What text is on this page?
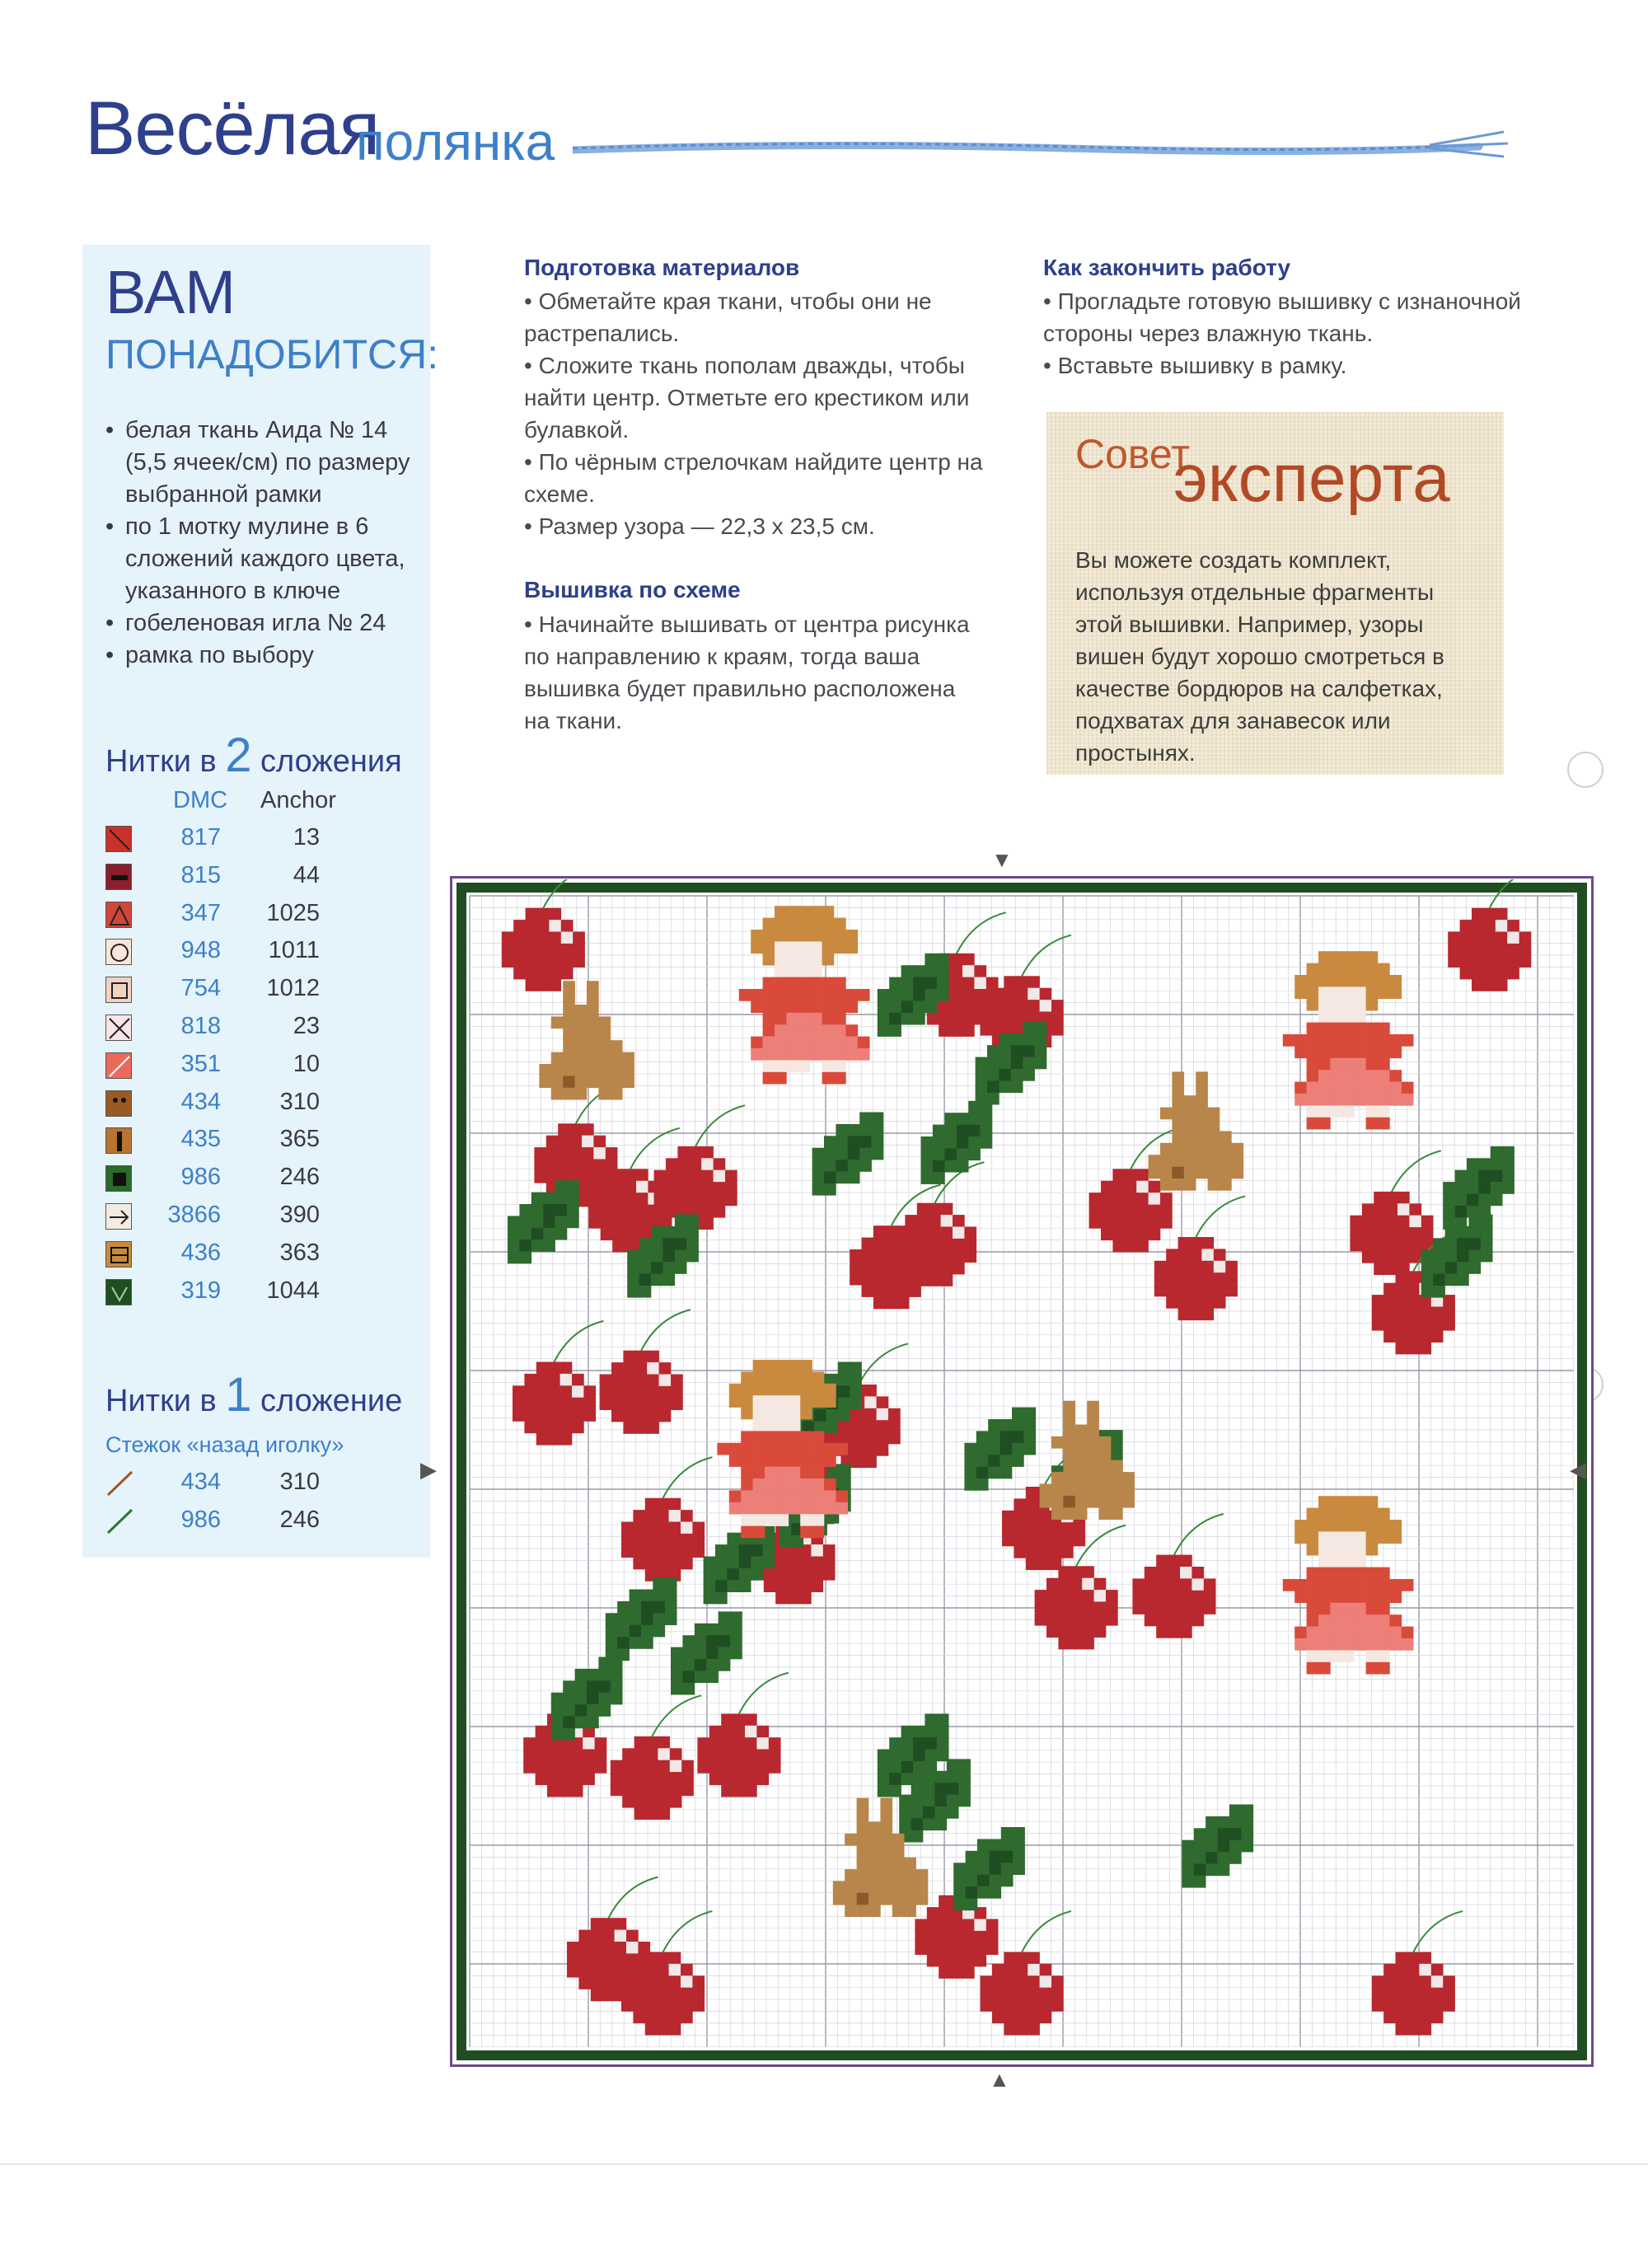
Весёлая
полянка
ВАМ
ПОНАДОБИТСЯ:
• белая ткань Аида № 14 (5,5 ячеек/см) по размеру выбранной рамки
• по 1 мотку мулине в 6 сложений каждого цвета, указанного в ключе
• гобеленовая игла № 24
• рамка по выбору
Нитки в 2 сложения
DMC Anchor
817	13
815	44
347	1025
948	1011
754	1012
818	23
351	10
434	310
435	365
986	246
3866	390
436	363
319	1044
Нитки в 1 сложение
Стежок «назад иголку»
434	310
986	246
Подготовка материалов

• Обметайте края ткани, чтобы они не растрепались.

• Сложите ткань пополам дважды, чтобы найти центр. Отметьте его крестиком или булавкой.

• По чёрным стрелочкам найдите центр на схеме.

• Размер узора — 22,3 х 23,5 см.

Вышивка по схеме

• Начинайте вышивать от центра рисунка по направлению к краям, тогда ваша вышивка будет правильно расположена на ткани.

Как закончить работу

• Прогладьте готовую вышивку с изнаночной стороны через влажную ткань.

• Вставьте вышивку в рамку.

Совет
эксперта
Вы можете создать комплект, используя отдельные фрагменты этой вышивки. Например, узоры вишен будут хорошо смотреться в качестве бордюров на салфетках, подхватах для занавесок или простынях.
▼
▶	◀
▲
